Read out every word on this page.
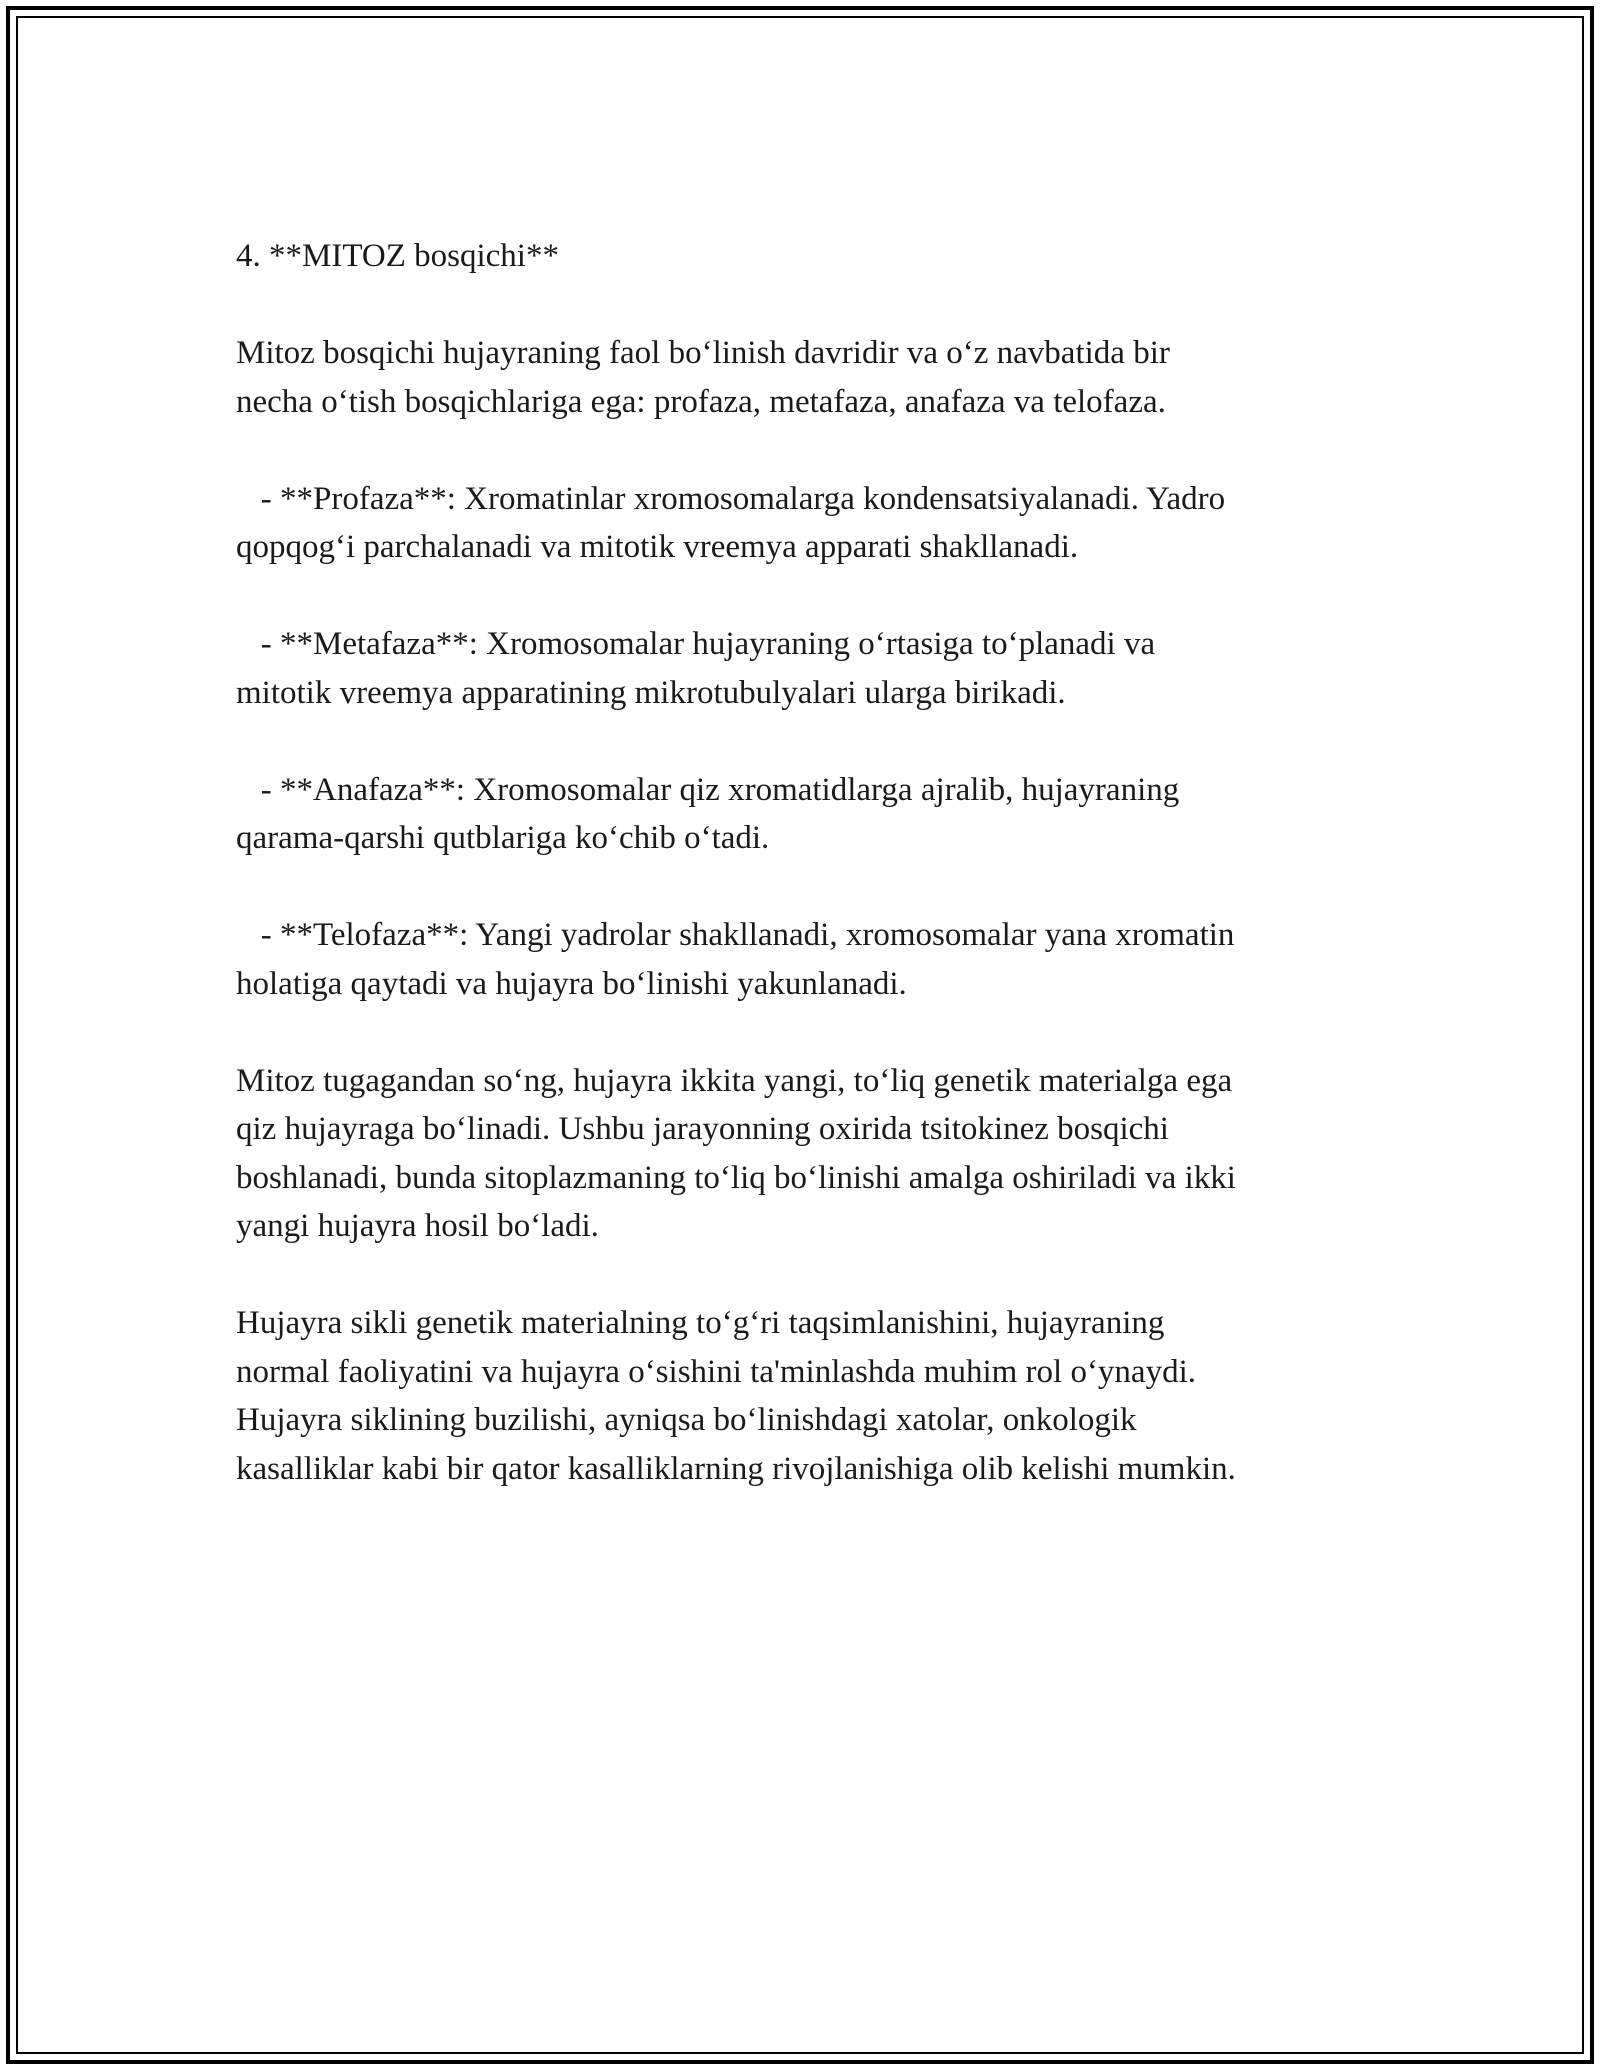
4. **MITOZ bosqichi**

Mitoz bosqichi hujayraning faol bo‘linish davridir va o‘z navbatida bir
necha o‘tish bosqichlariga ega: profaza, metafaza, anafaza va telofaza.

- **Profaza**: Xromatinlar xromosomalarga kondensatsiyalanadi. Yadro
qopqog‘i parchalanadi va mitotik vreemya apparati shakllanadi.

- **Metafaza**: Xromosomalar hujayraning o‘rtasiga to‘planadi va
mitotik vreemya apparatining mikrotubulyalari ularga birikadi.

- **Anafaza**: Xromosomalar qiz xromatidlarga ajralib, hujayraning
qarama-qarshi qutblariga ko‘chib o‘tadi.

- **Telofaza**: Yangi yadrolar shakllanadi, xromosomalar yana xromatin
holatiga qaytadi va hujayra bo‘linishi yakunlanadi.

Mitoz tugagandan so‘ng, hujayra ikkita yangi, to‘liq genetik materialga ega
qiz hujayraga bo‘linadi. Ushbu jarayonning oxirida tsitokinez bosqichi
boshlanadi, bunda sitoplazmaning to‘liq bo‘linishi amalga oshiriladi va ikki
yangi hujayra hosil bo‘ladi.

Hujayra sikli genetik materialning to‘g‘ri taqsimlanishini, hujayraning
normal faoliyatini va hujayra o‘sishini ta'minlashda muhim rol o‘ynaydi.
Hujayra siklining buzilishi, ayniqsa bo‘linishdagi xatolar, onkologik
kasalliklar kabi bir qator kasalliklarning rivojlanishiga olib kelishi mumkin.
